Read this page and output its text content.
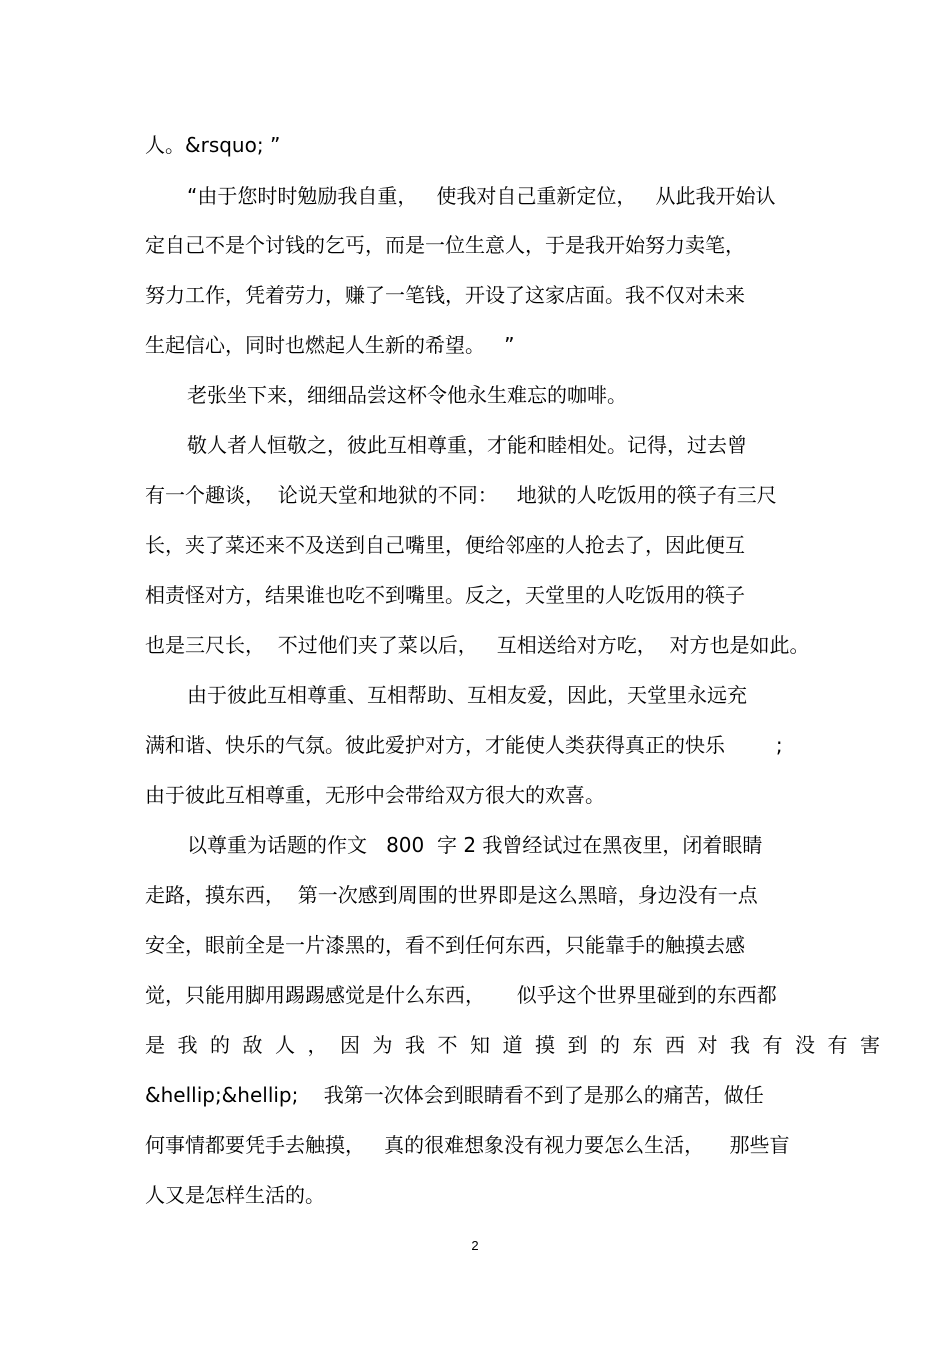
人。&rsquo; ”
“由于您时时勉励我自重，   使我对自己重新定位，   从此我开始认
定自己不是个讨钱的乞丐，而是一位生意人，于是我开始努力卖笔，
努力工作，凭着劳力，赚了一笔钱，开设了这家店面。我不仅对未来
生起信心，同时也燃起人生新的希望。   ”
老张坐下来，细细品尝这杯令他永生难忘的咖啡。
敬人者人恒敬之，彼此互相尊重，才能和睦相处。记得，过去曾
有一个趣谈，  论说天堂和地狱的不同：   地狱的人吃饭用的筷子有三尺
长，夹了菜还来不及送到自己嘴里，便给邻座的人抢去了，因此便互
相责怪对方，结果谁也吃不到嘴里。反之，天堂里的人吃饭用的筷子
也是三尺长，  不过他们夹了菜以后，   互相送给对方吃，  对方也是如此。
由于彼此互相尊重、互相帮助、互相友爱，因此，天堂里永远充
满和谐、快乐的气氛。彼此爱护对方，才能使人类获得真正的快乐        ;
由于彼此互相尊重，无形中会带给双方很大的欢喜。
以尊重为话题的作文   800  字 2 我曾经试过在黑夜里，闭着眼睛
走路，摸东西，  第一次感到周围的世界即是这么黑暗，身边没有一点
安全，眼前全是一片漆黑的，看不到任何东西，只能靠手的触摸去感
觉，只能用脚用踢踢感觉是什么东西，     似乎这个世界里碰到的东西都
是我的敌人，因为我不知道摸到的东西对我有没有害
&hellip;&hellip;    我第一次体会到眼睛看不到了是那么的痛苦，做任
何事情都要凭手去触摸，   真的很难想象没有视力要怎么生活，    那些盲
人又是怎样生活的。
2
